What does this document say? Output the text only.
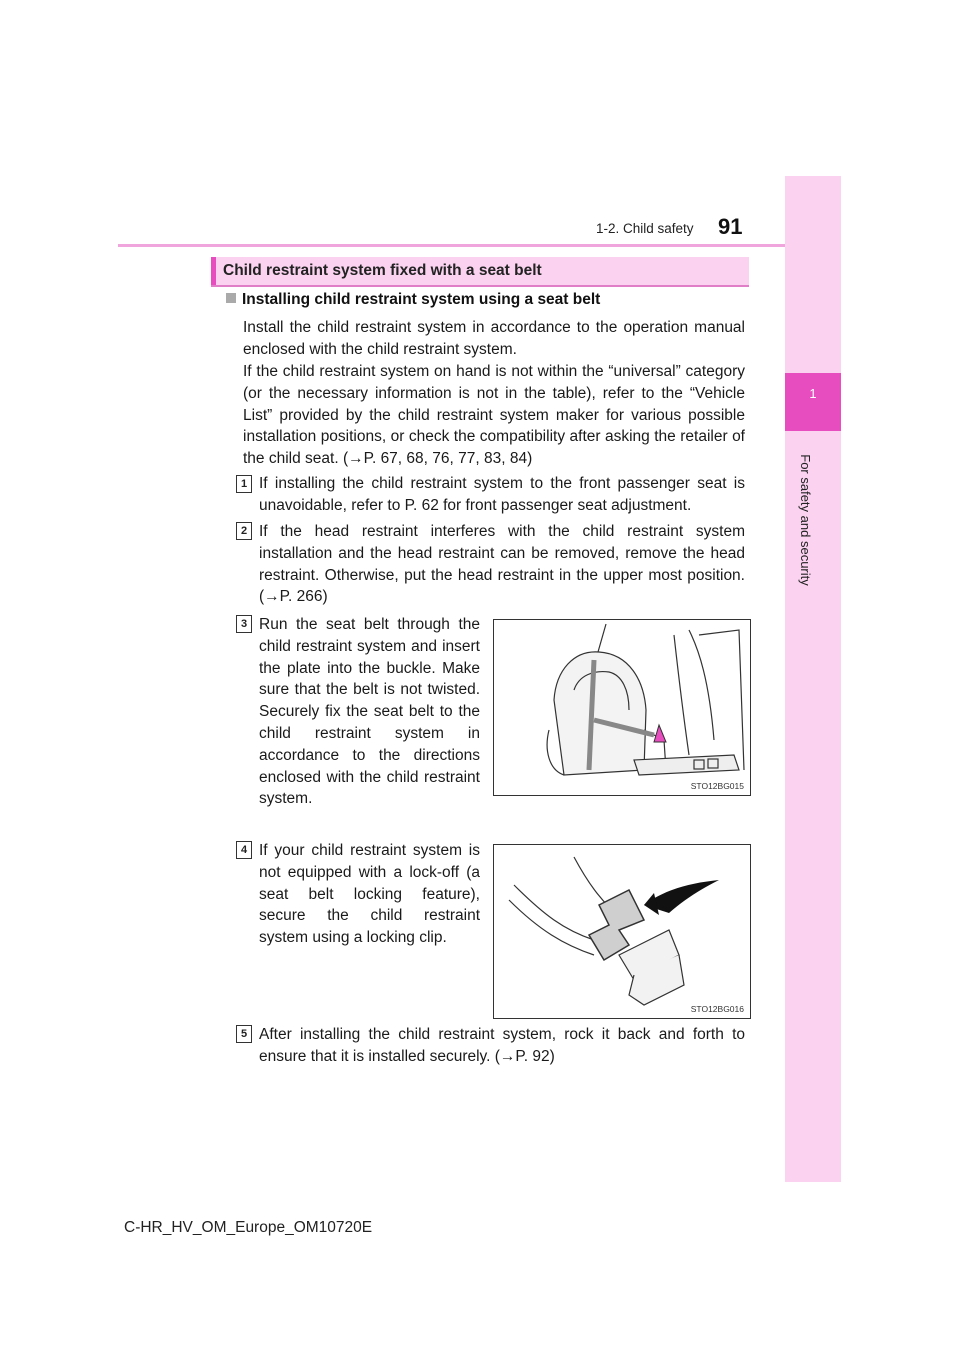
1
For safety and security
1-2. Child safety 91
Child restraint system fixed with a seat belt
Installing child restraint system using a seat belt
Install the child restraint system in accordance to the operation manual enclosed with the child restraint system.
If the child restraint system on hand is not within the “universal” category (or the necessary information is not in the table), refer to the “Vehicle List” provided by the child restraint system maker for various possible installation positions, or check the compatibility after asking the retailer of the child seat. (→P. 67, 68, 76, 77, 83, 84)
1 If installing the child restraint system to the front passenger seat is unavoidable, refer to P. 62 for front passenger seat adjustment.
2 If the head restraint interferes with the child restraint system installation and the head restraint can be removed, remove the head restraint. Otherwise, put the head restraint in the upper most position. (→P. 266)
3 Run the seat belt through the child restraint system and insert the plate into the buckle. Make sure that the belt is not twisted. Securely fix the seat belt to the child restraint system in accordance to the directions enclosed with the child restraint system.
STO12BG015
4 If your child restraint system is not equipped with a lock-off (a seat belt locking feature), secure the child restraint system using a locking clip.
STO12BG016
5 After installing the child restraint system, rock it back and forth to ensure that it is installed securely. (→P. 92)
C-HR_HV_OM_Europe_OM10720E
